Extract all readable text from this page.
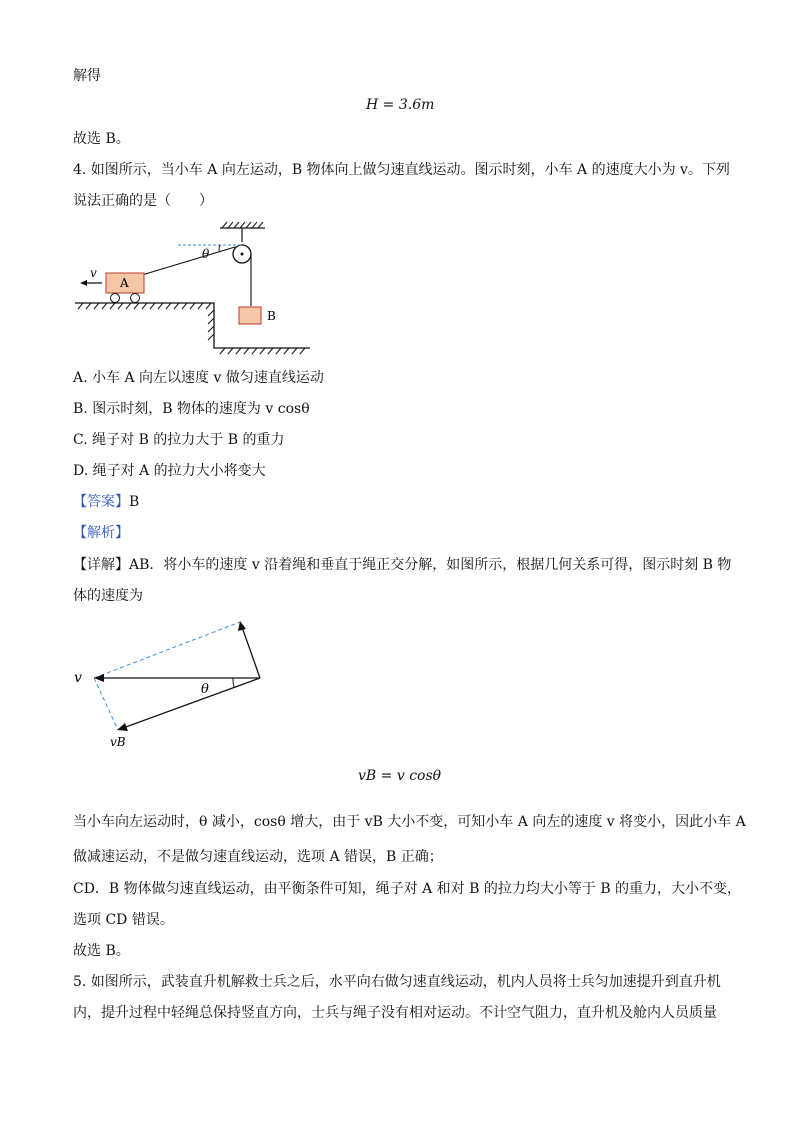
解得
H = 3.6m
故选 B。
4. 如图所示，当小车 A 向左运动，B 物体向上做匀速直线运动。图示时刻，小车 A 的速度大小为 v。下列
说法正确的是（　　）
θ
B
A
v
A. 小车 A 向左以速度 v 做匀速直线运动
B. 图示时刻，B 物体的速度为 v cosθ
C. 绳子对 B 的拉力大于 B 的重力
D. 绳子对 A 的拉力大小将变大
【答案】B
【解析】
【详解】AB．将小车的速度 v 沿着绳和垂直于绳正交分解，如图所示，根据几何关系可得，图示时刻 B 物
体的速度为
θ
v
vB
vB = v cosθ
当小车向左运动时，θ 减小，cosθ 增大，由于 vB 大小不变，可知小车 A 向左的速度 v 将变小，因此小车 A
做减速运动，不是做匀速直线运动，选项 A 错误，B 正确；
CD．B 物体做匀速直线运动，由平衡条件可知，绳子对 A 和对 B 的拉力均大小等于 B 的重力，大小不变，
选项 CD 错误。
故选 B。
5. 如图所示，武装直升机解救士兵之后，水平向右做匀速直线运动，机内人员将士兵匀加速提升到直升机
内，提升过程中轻绳总保持竖直方向，士兵与绳子没有相对运动。不计空气阻力，直升机及舱内人员质量
